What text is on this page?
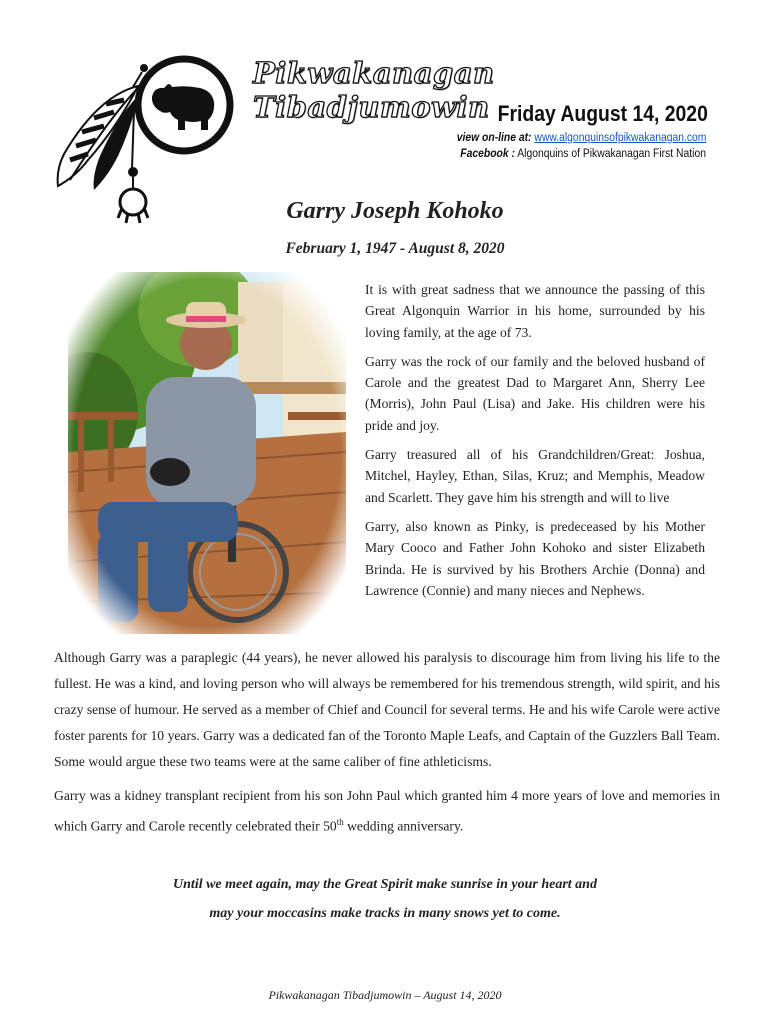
Pikwakanagan Tibadjumowin Friday August 14, 2020
view on-line at: www.algonquinsofpikwakanagan.com
Facebook : Algonquins of Pikwakanagan First Nation
Garry Joseph Kohoko
February 1, 1947 - August 8, 2020

It is with great sadness that we announce the passing of this Great Algonquin Warrior in his home, surrounded by his loving family, at the age of 73.

Garry was the rock of our family and the beloved husband of Carole and the greatest Dad to Margaret Ann, Sherry Lee (Morris), John Paul (Lisa) and Jake. His children were his pride and joy.

Garry treasured all of his Grandchildren/Great: Joshua, Mitchel, Hayley, Ethan, Silas, Kruz; and Memphis, Meadow and Scarlett. They gave him his strength and will to live

Garry, also known as Pinky, is predeceased by his Mother Mary Cooco and Father John Kohoko and sister Elizabeth Brinda. He is survived by his Brothers Archie (Donna) and Lawrence (Connie) and many nieces and Nephews.

Although Garry was a paraplegic (44 years), he never allowed his paralysis to discourage him from living his life to the fullest. He was a kind, and loving person who will always be remembered for his tremendous strength, wild spirit, and his crazy sense of humour. He served as a member of Chief and Council for several terms. He and his wife Carole were active foster parents for 10 years. Garry was a dedicated fan of the Toronto Maple Leafs, and Captain of the Guzzlers Ball Team. Some would argue these two teams were at the same caliber of fine athleticisms.

Garry was a kidney transplant recipient from his son John Paul which granted him 4 more years of love and memories in which Garry and Carole recently celebrated their 50th wedding anniversary.

Until we meet again, may the Great Spirit make sunrise in your heart and
may your moccasins make tracks in many snows yet to come.
Pikwakanagan Tibadjumowin – August 14, 2020
